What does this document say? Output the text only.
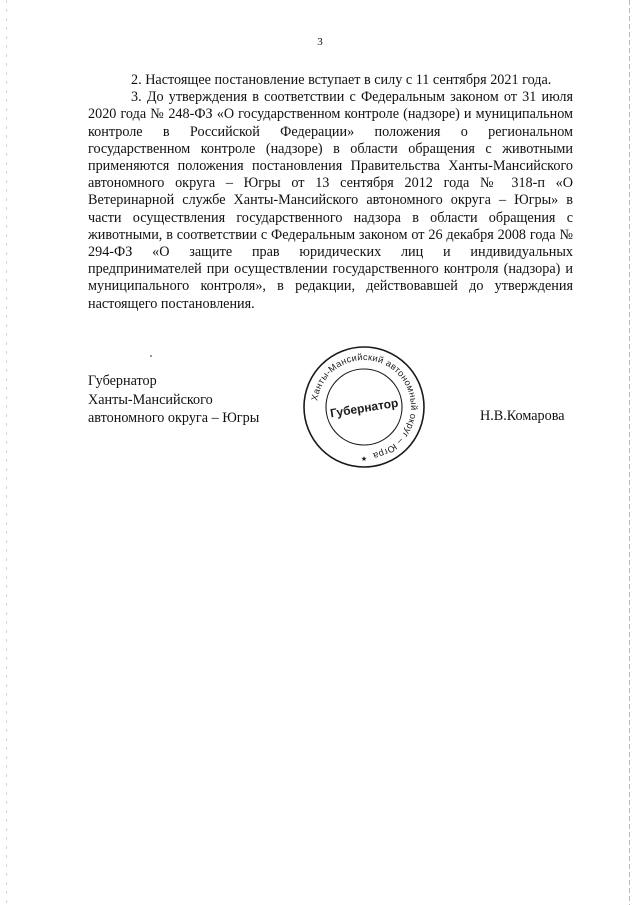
3

2. Настоящее постановление вступает в силу с 11 сентября 2021 года.

3. До утверждения в соответствии с Федеральным законом от 31 июля 2020 года № 248-ФЗ «О государственном контроле (надзоре) и муниципальном контроле в Российской Федерации» положения о региональном государственном контроле (надзоре) в области обращения с животными применяются положения постановления Правительства Ханты-Мансийского автономного округа – Югры от 13 сентября 2012 года № 318-п «О Ветеринарной службе Ханты-Мансийского автономного округа – Югры» в части осуществления государственного надзора в области обращения с животными, в соответствии с Федеральным законом от 26 декабря 2008 года № 294-ФЗ «О защите прав юридических лиц и индивидуальных предпринимателей при осуществлении государственного контроля (надзора) и муниципального контроля», в редакции, действовавшей до утверждения настоящего постановления.

Губернатор
Ханты-Мансийского
автономного округа – Югры
Ханты-Мансийский автономный округ – Югра
Губернатор
★
Н.В.Комарова
